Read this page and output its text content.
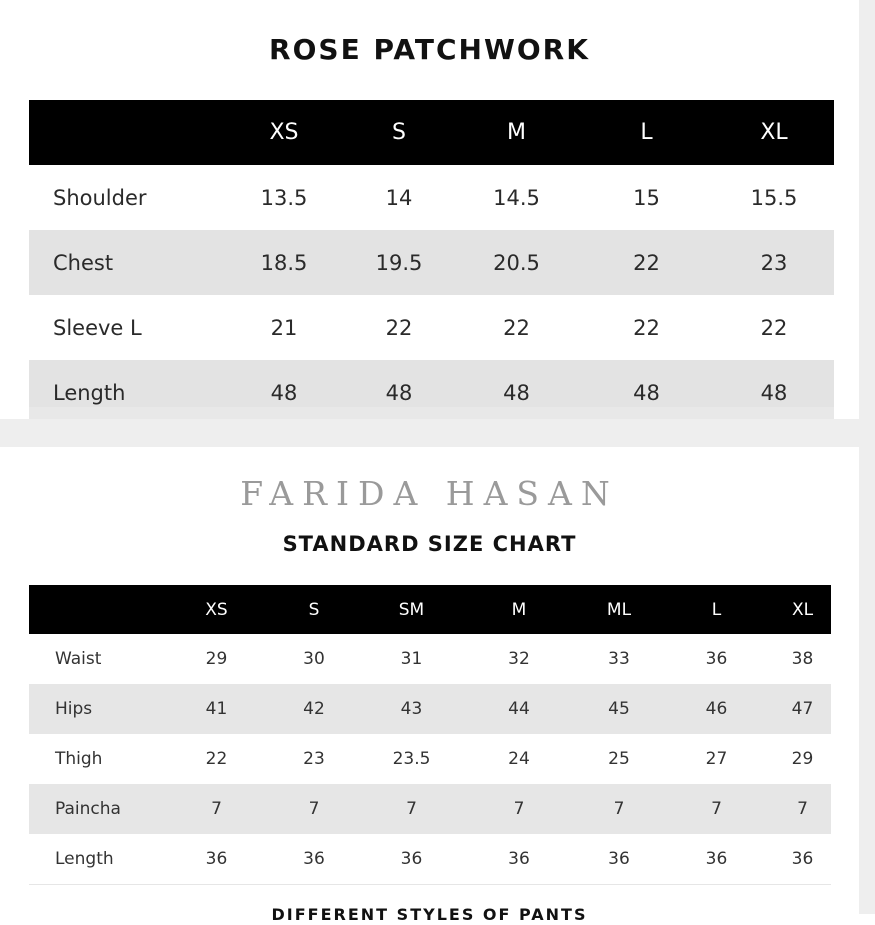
ROSE PATCHWORK
	XS	S	M	L	XL
Shoulder	13.5	14	14.5	15	15.5
Chest	18.5	19.5	20.5	22	23
Sleeve L	21	22	22	22	22
Length	48	48	48	48	48
FARIDA HASAN
STANDARD SIZE CHART
	XS	S	SM	M	ML	L	XL
Waist	29	30	31	32	33	36	38
Hips	41	42	43	44	45	46	47
Thigh	22	23	23.5	24	25	27	29
Paincha	7	7	7	7	7	7	7
Length	36	36	36	36	36	36	36
DIFFERENT STYLES OF PANTS
